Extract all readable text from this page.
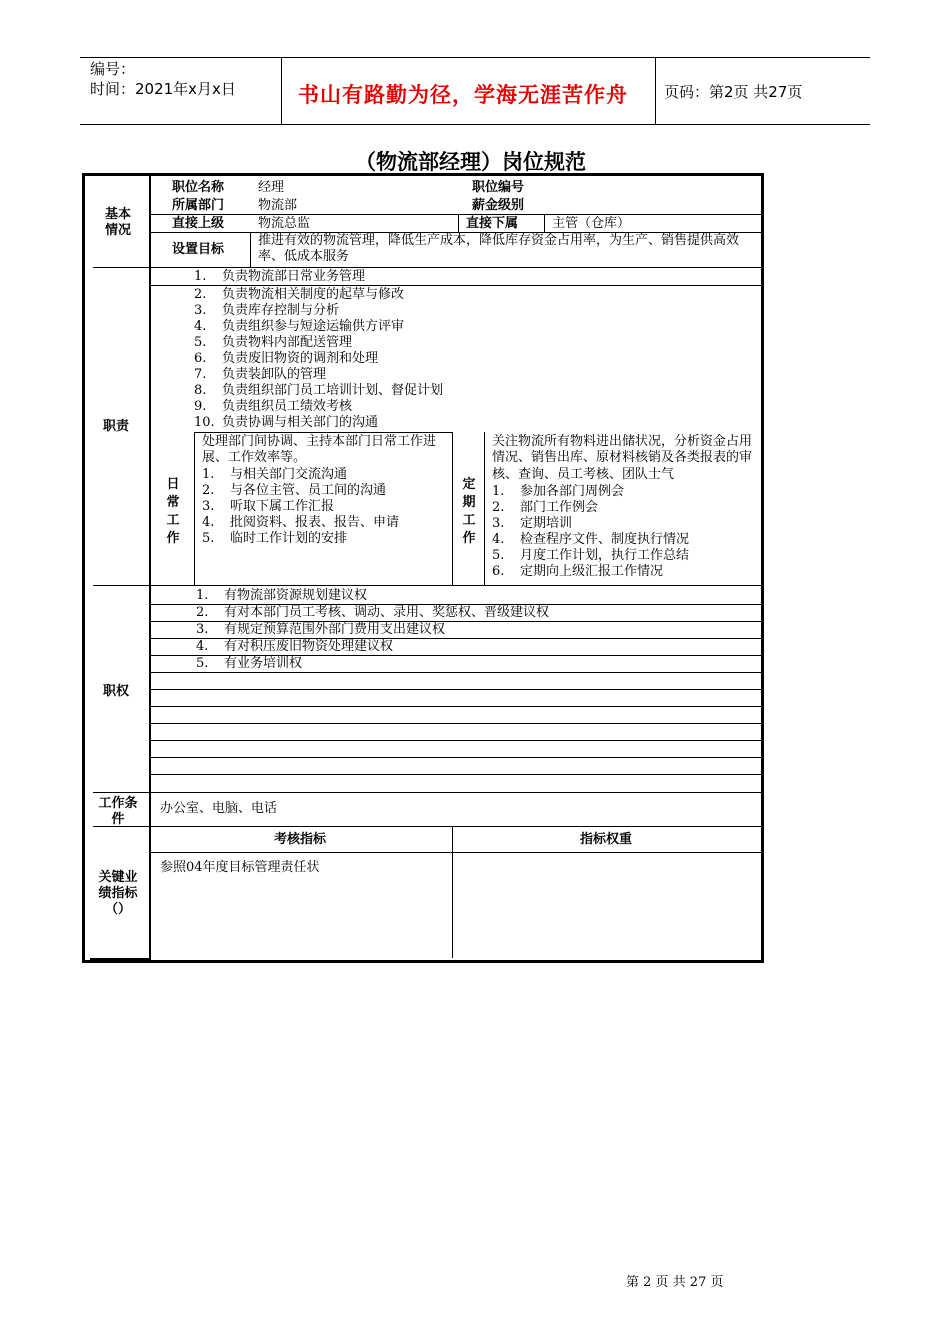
编号：
时间：2021年x月x日	书山有路勤为径，学海无涯苦作舟 页码：第2页 共27页
（物流部经理）岗位规范
基本情况
职位名称	经理	职位编号
所属部门	物流部	薪金级别
直接上级	物流总监	直接下属	主管（仓库）
设置目标
推进有效的物流管理，降低生产成本，降低库存资金占用率，为生产、销售提供高效率、低成本服务
职责
1. 负责物流部日常业务管理
2. 负责物流相关制度的起草与修改
3. 负责库存控制与分析
4. 负责组织参与短途运输供方评审
5. 负责物料内部配送管理
6. 负责废旧物资的调剂和处理
7. 负责装卸队的管理
8. 负责组织部门员工培训计划、督促计划
9. 负责组织员工绩效考核
10. 负责协调与相关部门的沟通
日常工作
处理部门间协调、主持本部门日常工作进展、工作效率等。
1. 与相关部门交流沟通
2. 与各位主管、员工间的沟通
3. 听取下属工作汇报
4. 批阅资料、报表、报告、申请
5. 临时工作计划的安排
定期工作
关注物流所有物料进出储状况，分析资金占用情况、销售出库、原材料核销及各类报表的审核、查询、员工考核、团队士气
1. 参加各部门周例会
2. 部门工作例会
3. 定期培训
4. 检查程序文件、制度执行情况
5. 月度工作计划，执行工作总结
6. 定期向上级汇报工作情况
职权
1. 有物流部资源规划建议权
2. 有对本部门员工考核、调动、录用、奖惩权、晋级建议权
3. 有规定预算范围外部门费用支出建议权
4. 有对积压废旧物资处理建议权
5. 有业务培训权
工作条件
办公室、电脑、电话
关键业绩指标（）
考核指标	指标权重
参照04年度目标管理责任状
第 2 页 共 27 页
